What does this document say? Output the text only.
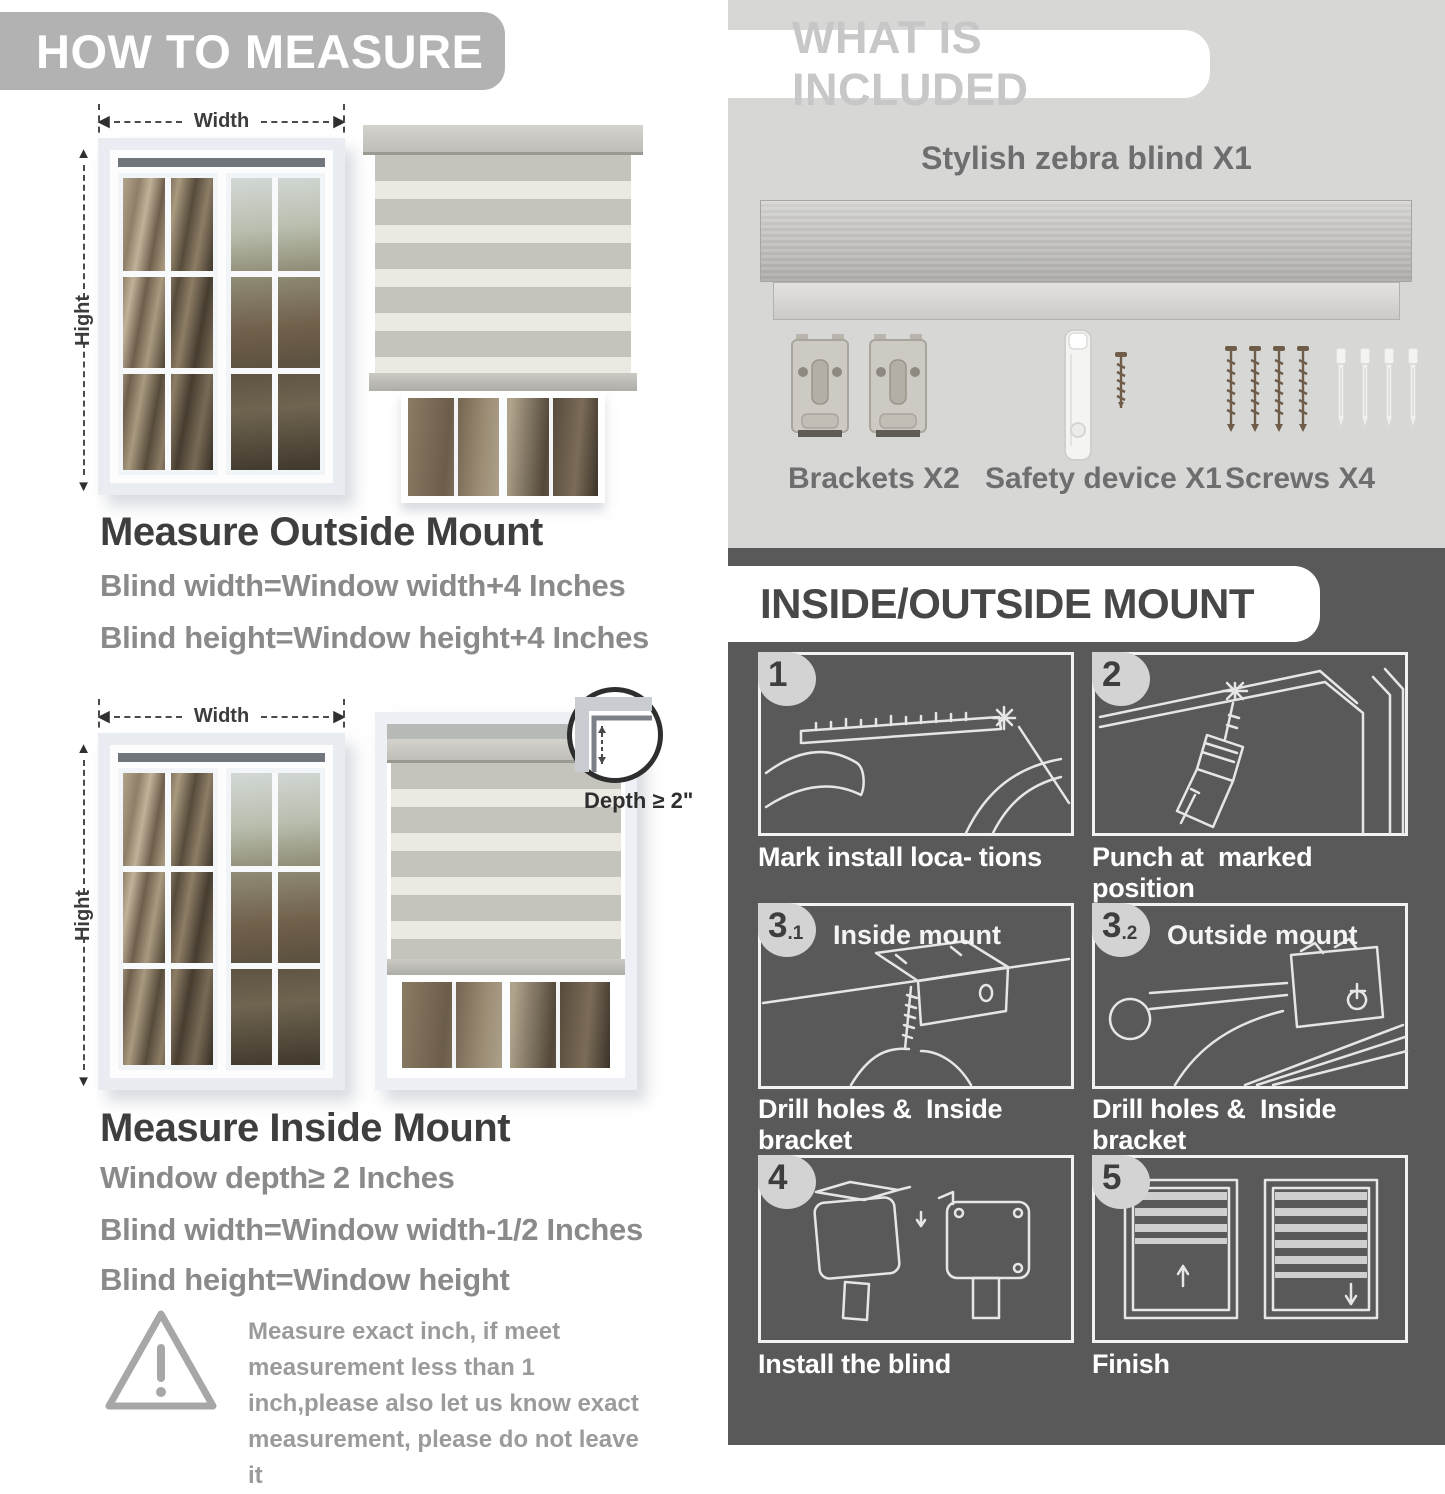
HOW TO MEASURE
◀	Width	▶
▲
Hight
▼
Measure Outside Mount
Blind width=Window width+4 Inches
Blind height=Window height+4 Inches
◀	Width	▶
▲
Hight
▼
Depth ≥ 2"
Measure Inside Mount
Window depth≥ 2 Inches
Blind width=Window width-1/2 Inches
Blind height=Window height
Measure exact inch, if meet measurement less than 1 inch,please also let us know exact measurement, please do not leave it
WHAT IS INCLUDED
Stylish zebra blind X1
Brackets X2 Safety device X1 Screws X4
INSIDE/OUTSIDE MOUNT
1
Mark install loca- tions
2
Punch at  marked position
3.1	Inside mount
Drill holes &  Inside bracket
3.2	Outside mount
Drill holes &  Inside bracket
4
Install the blind
5
Finish
